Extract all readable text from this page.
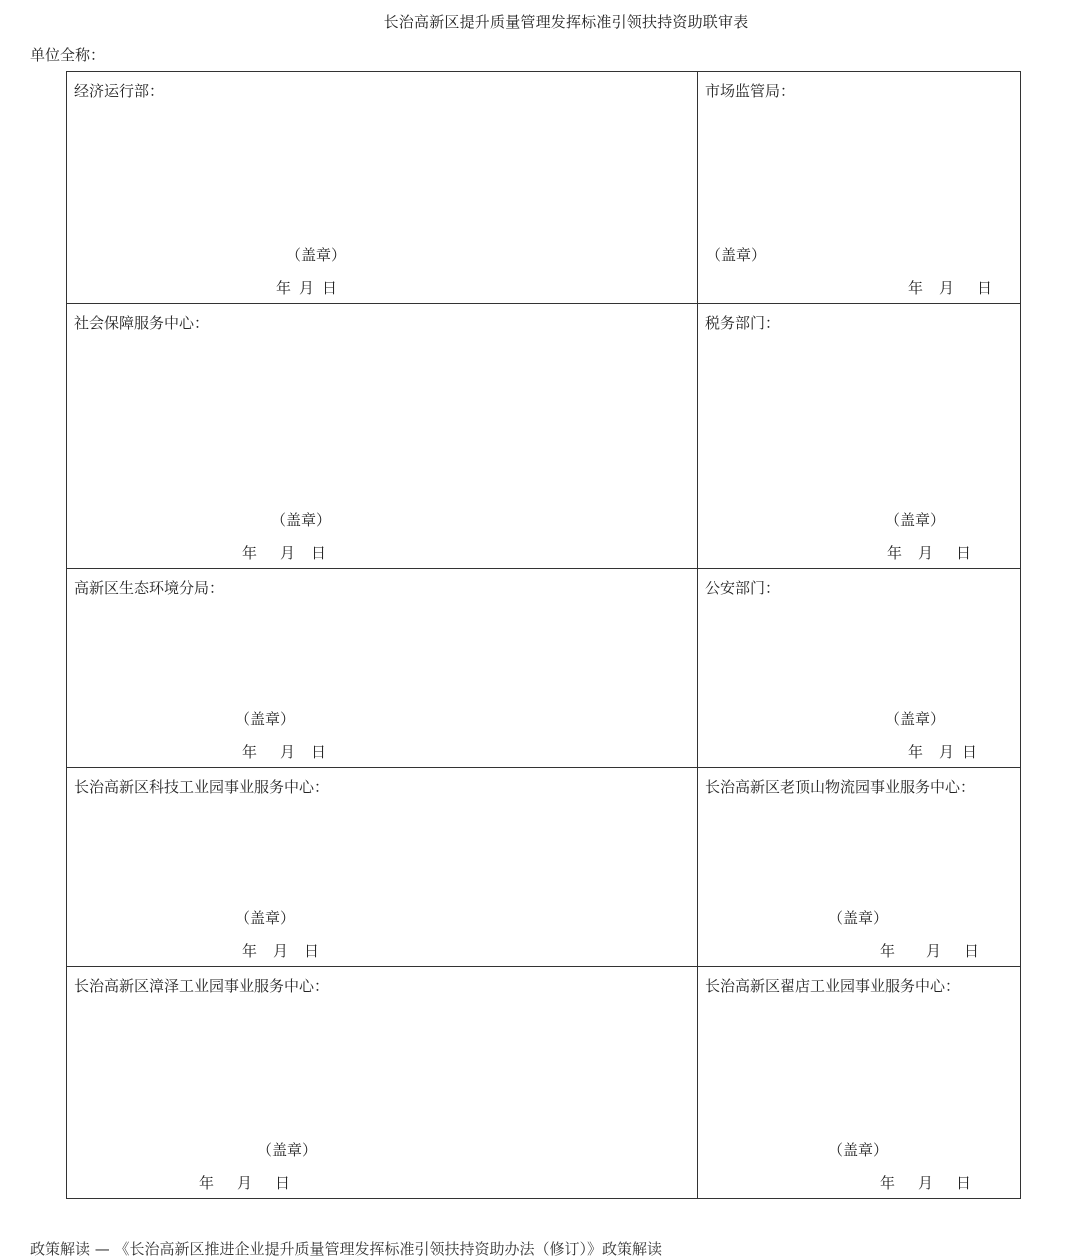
长治高新区提升质量管理发挥标准引领扶持资助联审表
单位全称：
经济运行部：
（盖章）
年 月 日
市场监管局：
（盖章）
年 月 日
社会保障服务中心：
（盖章）
年 月 日
税务部门：
（盖章）
年 月 日
高新区生态环境分局：
（盖章）
年 月 日
公安部门：
（盖章）
年 月 日
长治高新区科技工业园事业服务中心：
（盖章）
年 月 日
长治高新区老顶山物流园事业服务中心：
（盖章）
年 月 日
长治高新区漳泽工业园事业服务中心：
（盖章）
年 月 日
长治高新区翟店工业园事业服务中心：
（盖章）
年 月 日
政策解读 — 《长治高新区推进企业提升质量管理发挥标准引领扶持资助办法（修订）》政策解读
